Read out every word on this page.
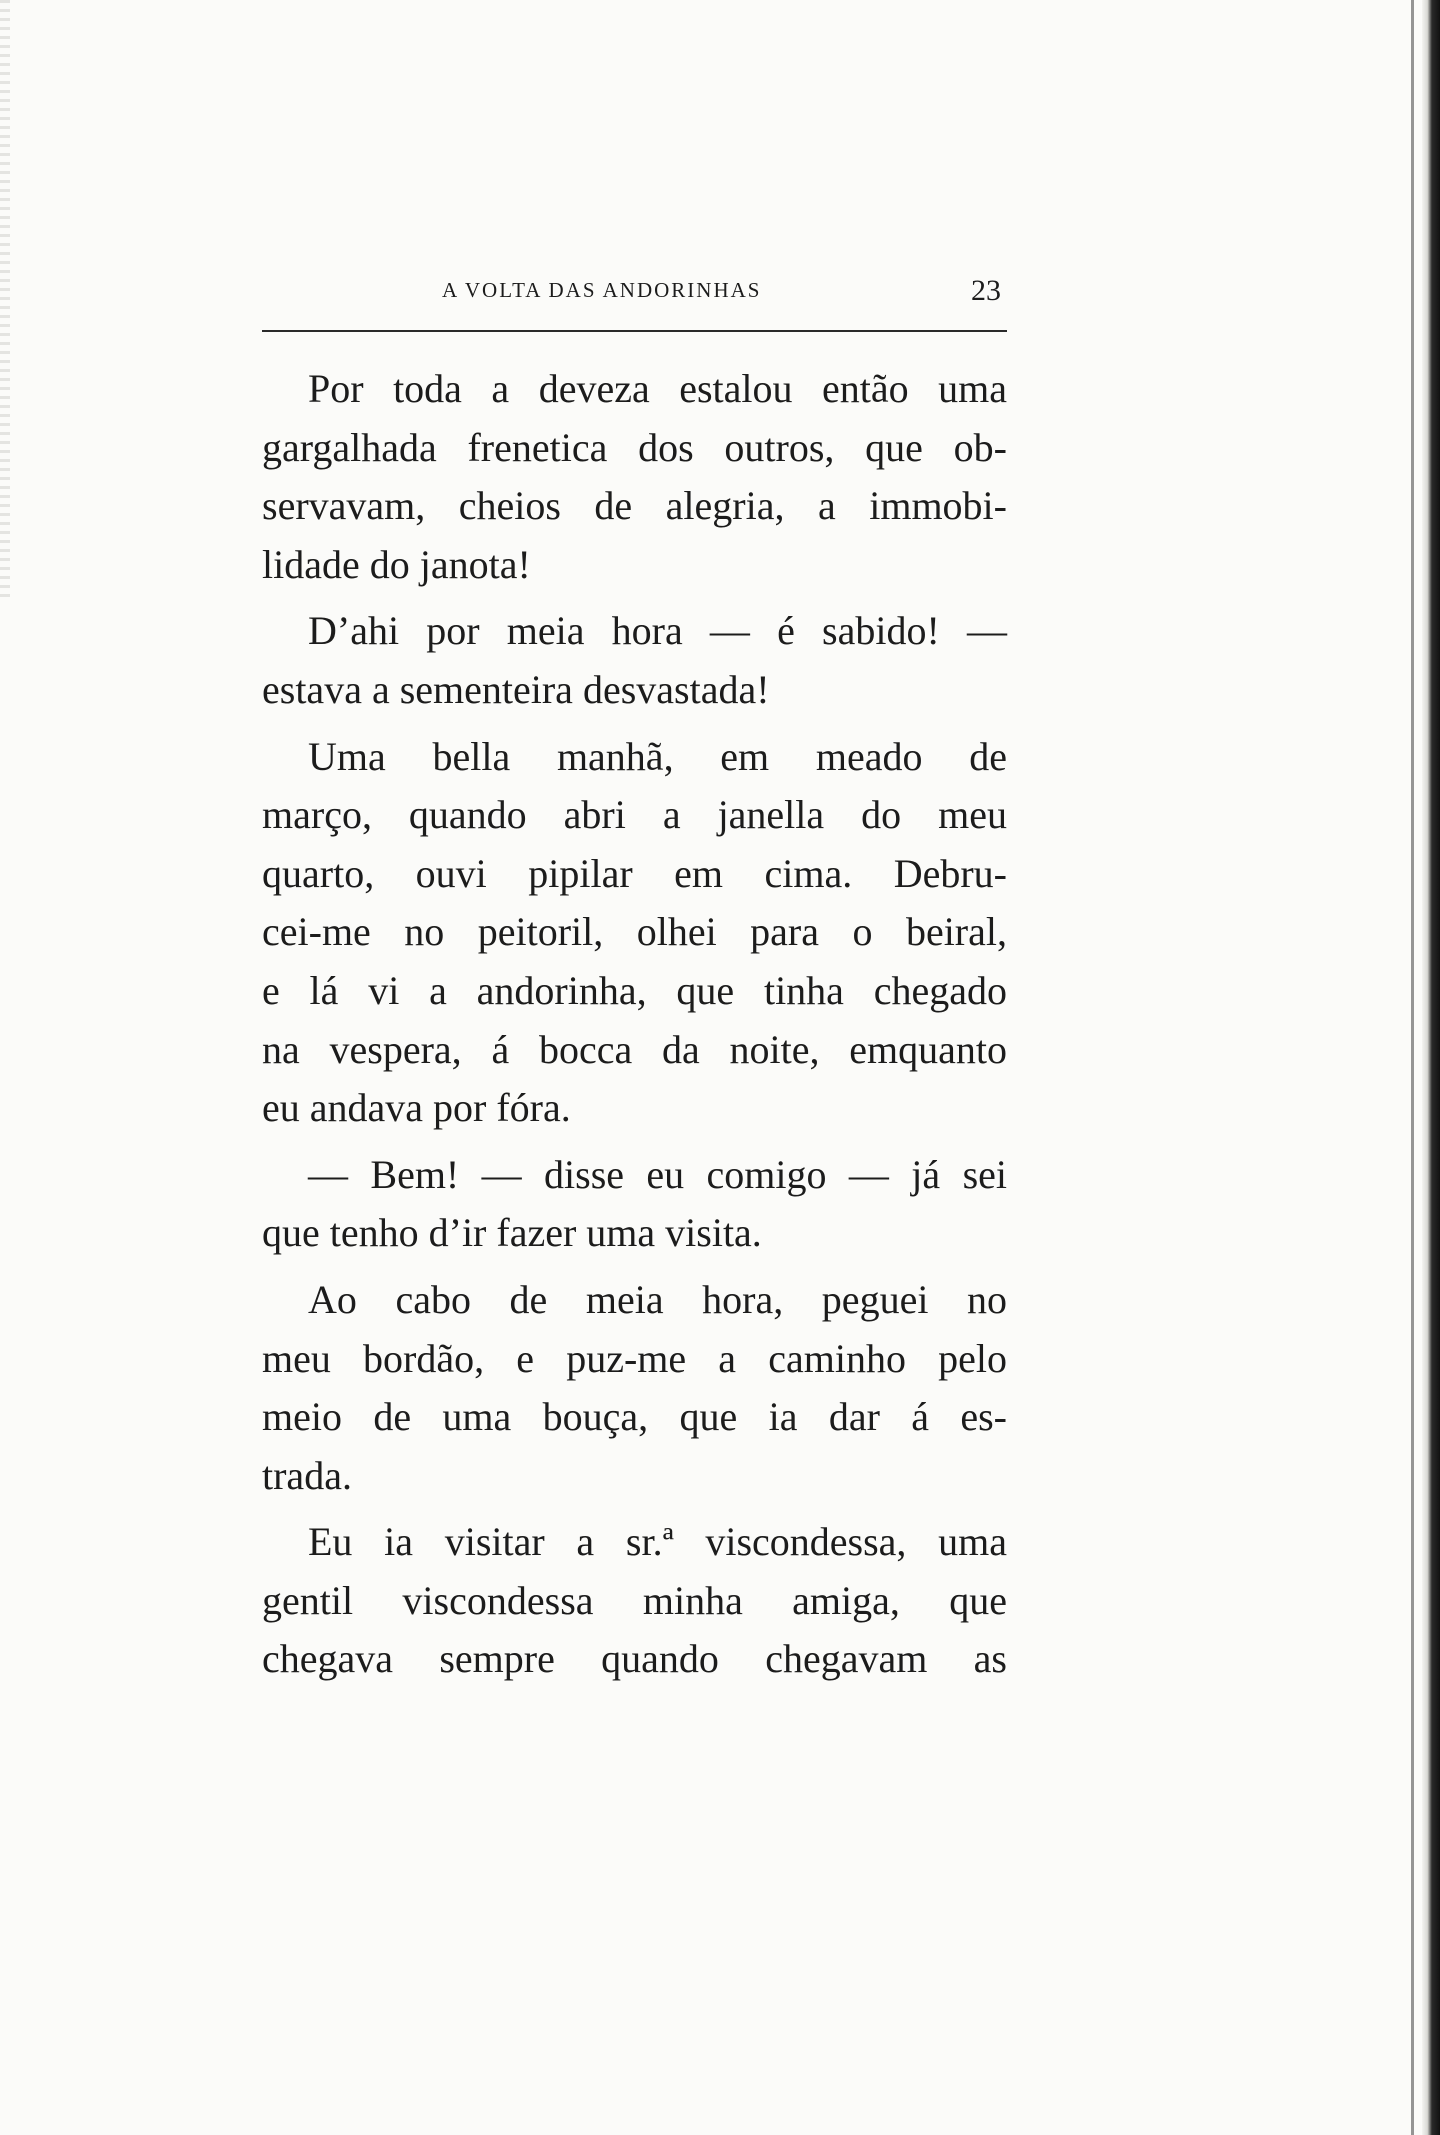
A VOLTA DAS ANDORINHAS	23
Por toda a deveza estalou então uma
gargalhada frenetica dos outros, que ob-
servavam, cheios de alegria, a immobi-
lidade do janota!
D’ahi por meia hora — é sabido! —
estava a sementeira desvastada!
Uma bella manhã, em meado de
março, quando abri a janella do meu
quarto, ouvi pipilar em cima. Debru-
cei-me no peitoril, olhei para o beiral,
e lá vi a andorinha, que tinha chegado
na vespera, á bocca da noite, emquanto
eu andava por fóra.
— Bem! — disse eu comigo — já sei
que tenho d’ir fazer uma visita.
Ao cabo de meia hora, peguei no
meu bordão, e puz-me a caminho pelo
meio de uma bouça, que ia dar á es-
trada.
Eu ia visitar a sr.ª viscondessa, uma
gentil viscondessa minha amiga, que
chegava sempre quando chegavam as
